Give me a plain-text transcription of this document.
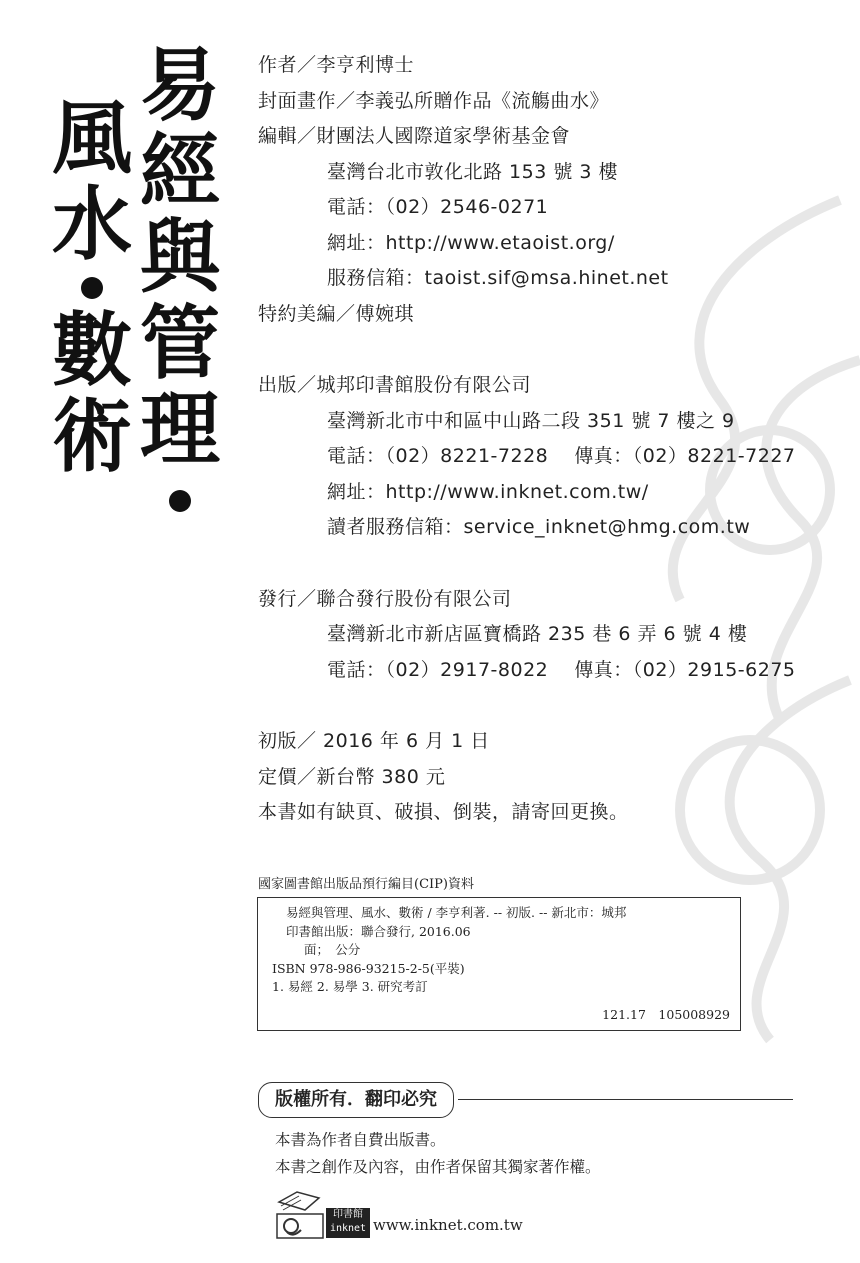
易
經
與
管
理
風
水
數
術
作者／李亨利博士
封面畫作／李義弘所贈作品《流觴曲水》
編輯／財團法人國際道家學術基金會
臺灣台北市敦化北路 153 號 3 樓
電話：（02）2546-0271
網址：http://www.etaoist.org/
服務信箱：taoist.sif@msa.hinet.net
特約美編／傅婉琪
出版／城邦印書館股份有限公司
臺灣新北市中和區中山路二段 351 號 7 樓之 9
電話：（02）8221-7228 傳真：（02）8221-7227
網址：http://www.inknet.com.tw/
讀者服務信箱：service_inknet@hmg.com.tw
發行／聯合發行股份有限公司
臺灣新北市新店區寶橋路 235 巷 6 弄 6 號 4 樓
電話：（02）2917-8022 傳真：（02）2915-6275
初版／ 2016 年 6 月 1 日
定價／新台幣 380 元
本書如有缺頁、破損、倒裝，請寄回更換。
國家圖書館出版品預行編目(CIP)資料
易經與管理、風水、數術 / 李亨利著. -- 初版. -- 新北市：城邦
印書館出版：聯合發行, 2016.06
面；　公分
ISBN 978-986-93215-2-5(平裝)
1. 易經 2. 易學 3. 研究考訂
121.17　105008929
版權所有．翻印必究
本書為作者自費出版書。
本書之創作及內容，由作者保留其獨家著作權。
印書館
inknet www.inknet.com.tw
